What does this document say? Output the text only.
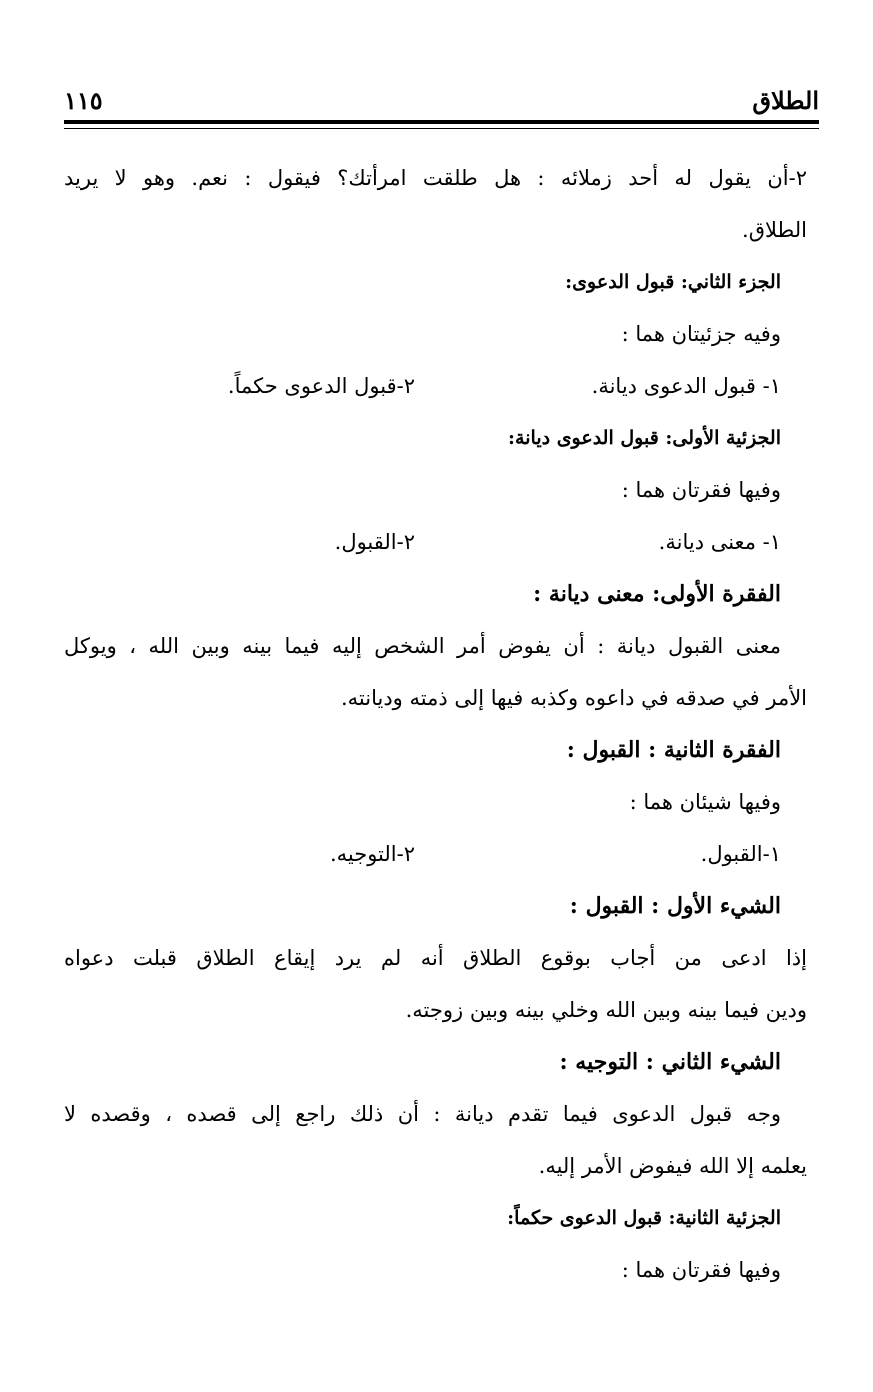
الطلاق
١١٥
٢-أن يقول له أحد زملائه : هل طلقت امرأتك؟ فيقول : نعم. وهو لا يريد
الطلاق.
الجزء الثاني: قبول الدعوى:
وفيه جزئيتان هما :
١- قبول الدعوى ديانة.
٢-قبول الدعوى حكماً.
الجزئية الأولى: قبول الدعوى ديانة:
وفيها فقرتان هما :
١- معنى ديانة.
٢-القبول.
الفقرة الأولى: معنى ديانة :
معنى القبول ديانة : أن يفوض أمر الشخص إليه فيما بينه وبين الله ، ويوكل
الأمر في صدقه في داعوه وكذبه فيها إلى ذمته وديانته.
الفقرة الثانية : القبول :
وفيها شيئان هما :
١-القبول.
٢-التوجيه.
الشيء الأول : القبول :
إذا ادعى من أجاب بوقوع الطلاق أنه لم يرد إيقاع الطلاق قبلت دعواه
ودين فيما بينه وبين الله وخلي بينه وبين زوجته.
الشيء الثاني : التوجيه :
وجه قبول الدعوى فيما تقدم ديانة : أن ذلك راجع إلى قصده ، وقصده لا
يعلمه إلا الله فيفوض الأمر إليه.
الجزئية الثانية: قبول الدعوى حكماً:
وفيها فقرتان هما :
